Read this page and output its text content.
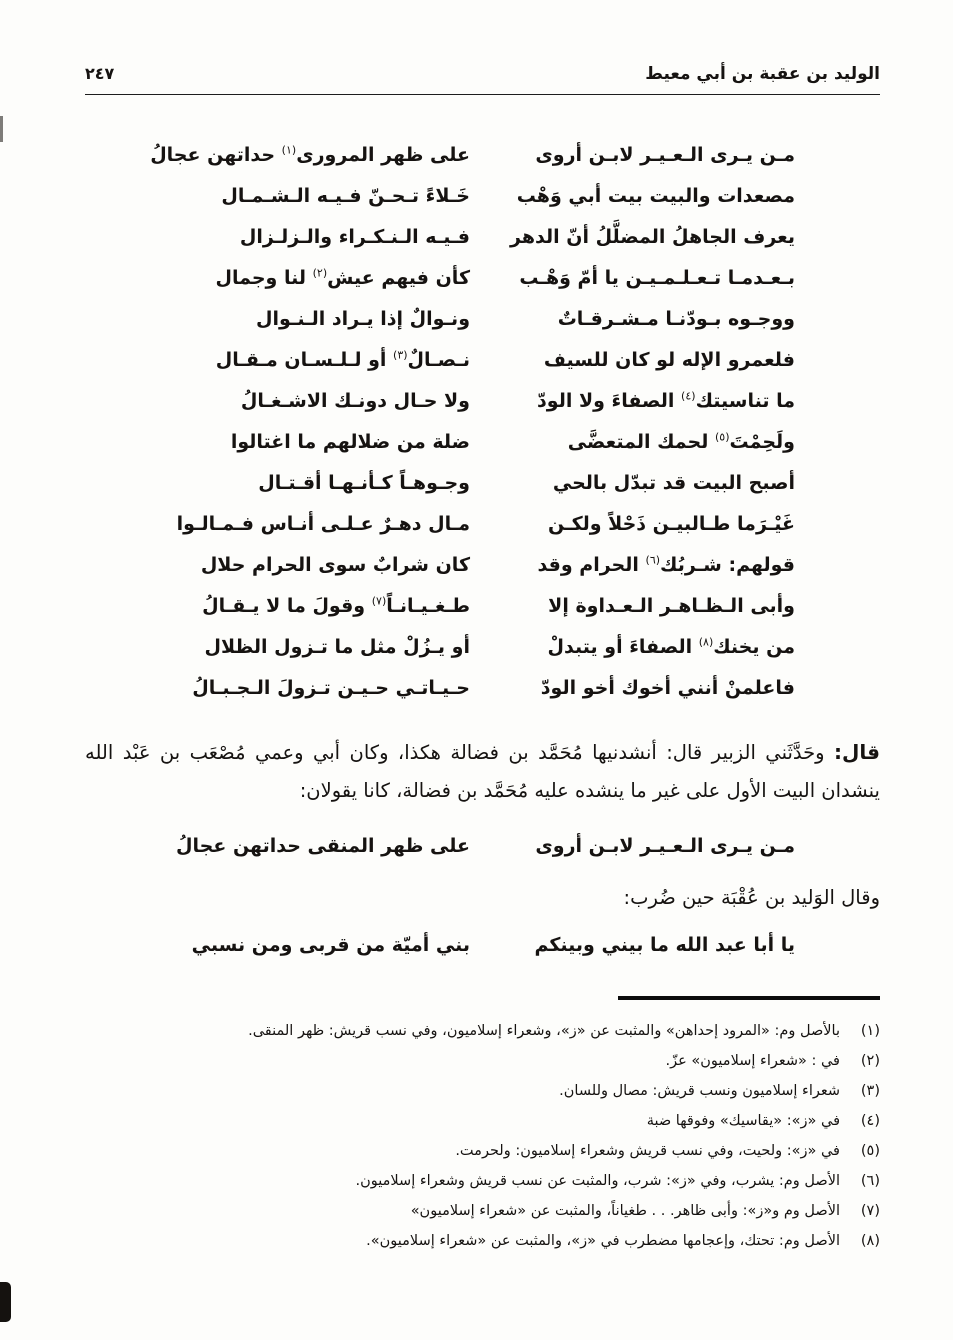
٢٤٧	الوليد بن عقبة بن أبي معيط
مـن يـرى الـعـيـر لابـن أروى
على ظهر المرورى$^{(١)}$ حداتهن عجالُ
مصعدات والبيت بيت أبي وَهْب
خَـلاءً تـحـنّ فـيـه الـشـمـال
يعرف الجاهلُ المضلَّلُ أنّ الدهر
فـيـه الـنـكـراء والـزلـزال
بـعـدمـا تـعـلـمـيـن يا أمّ وَهْـب
كأن فيهم عيش$^{(٢)}$ لنا وجمال
ووجـوه بـودّنـا مـشـرقـاتٌ
ونـوالٌ إذا يـراد الـنـوال
فلعمرو الإله لو كان للسيف
نـصـالٌ$^{(٣)}$ أو لـلـسـان مـقـال
ما تناسيتك$^{(٤)}$ الصفاءَ ولا الودّ
ولا حـال دونـك الاشـغـالُ
ولَحِمْتَ$^{(٥)}$ لحمك المتعضَّى
ضلة من ضلالهم ما اغتالوا
أصبح البيت قد تبدّل بالحي
وجـوهـاً كـأنـهـا أقـتـال
غَيْـرَما طـالبيـن ذَحْلاً ولكـن
مـال دهـرٌ عـلـى أنـاس فـمـالـوا
قولهم: شـربُك$^{(٦)}$ الحرام وقد
كان شرابٌ سوى الحرام حلال
وأبى الـظـاهـر الـعـداوة إلا
طـغـيـانـاً$^{(٧)}$ وقولَ ما لا يـقـالُ
من يخنك$^{(٨)}$ الصفاءَ أو يتبدلْ
أو يـزُلْ مثل ما تـزول الظلال
فاعلمنْ أنني أخوك أخو الودّ
حـيـاتـي حـيـن تـزولَ الـجـبـالُ

قال: وحَدَّثَني الزبير قال: أنشدنيها مُحَمَّد بن فضالة هكذا، وكان أبي وعمي مُصْعَب بن عَبْد الله ينشدان البيت الأول على غير ما ينشده عليه مُحَمَّد بن فضالة، كانا يقولان:

مـن يـرى الـعـيـر لابـن أروى
على ظهر المنقى حداتهن عجالُ

وقال الوَليد بن عُقْبَة حين ضُرب:

يا أبا عبد الله ما بيني وبينكم
بني أميّة من قربى ومن نسبي
(١)
بالأصل وم: «المرود إحداهن» والمثبت عن «ز»، وشعراء إسلاميون، وفي نسب قريش: ظهر المنقى.
(٢)
في : «شعراء إسلاميون» عزّ.
(٣)
شعراء إسلاميون ونسب قريش: مصال وللسان.
(٤)
في «ز»: «يقاسيك» وفوقها ضبة
(٥)
في «ز»: ولحيت، وفي نسب قريش وشعراء إسلاميون: ولحرمت.
(٦)
الأصل وم: يشرب، وفي «ز»: شرب، والمثبت عن نسب قريش وشعراء إسلاميون.
(٧)
الأصل وم و«ز»: وأبى ظاهر. . . طغياناً، والمثبت عن «شعراء إسلاميون»
(٨)
الأصل وم: تحتك، وإعجامها مضطرب في «ز»، والمثبت عن «شعراء إسلاميون».
